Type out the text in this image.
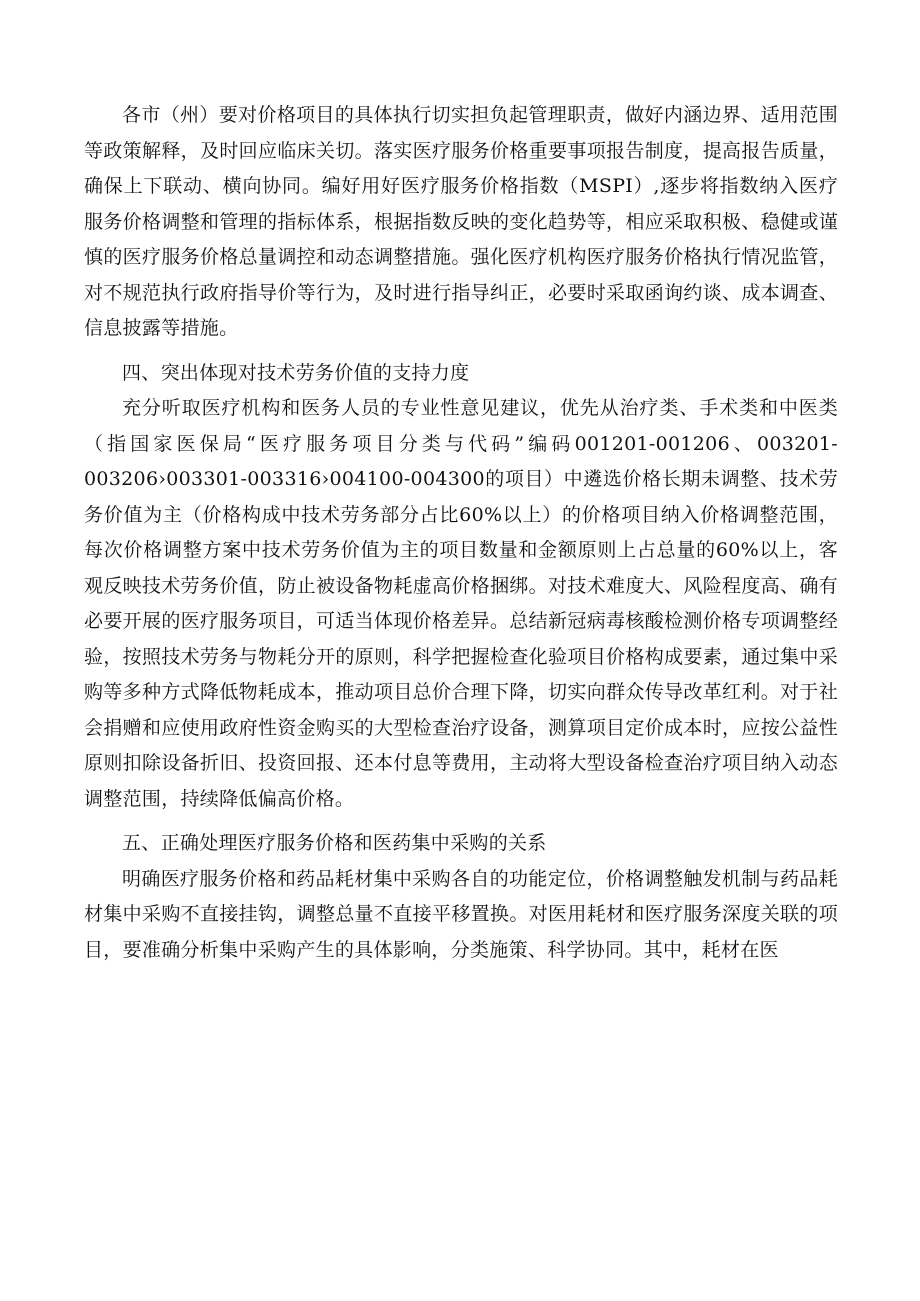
各市（州）要对价格项目的具体执行切实担负起管理职责，做好内涵边界、适用范围等政策解释，及时回应临床关切。落实医疗服务价格重要事项报告制度，提高报告质量，确保上下联动、横向协同。编好用好医疗服务价格指数（MSPI）,逐步将指数纳入医疗服务价格调整和管理的指标体系，根据指数反映的变化趋势等，相应采取积极、稳健或谨慎的医疗服务价格总量调控和动态调整措施。强化医疗机构医疗服务价格执行情况监管，对不规范执行政府指导价等行为，及时进行指导纠正，必要时采取函询约谈、成本调查、信息披露等措施。

四、突出体现对技术劳务价值的支持力度

充分听取医疗机构和医务人员的专业性意见建议，优先从治疗类、手术类和中医类（指国家医保局“医疗服务项目分类与代码”编码001201-001206、003201-003206›003301-003316›004100-004300的项目）中遴选价格长期未调整、技术劳务价值为主（价格构成中技术劳务部分占比60%以上）的价格项目纳入价格调整范围，每次价格调整方案中技术劳务价值为主的项目数量和金额原则上占总量的60%以上，客观反映技术劳务价值，防止被设备物耗虚高价格捆绑。对技术难度大、风险程度高、确有必要开展的医疗服务项目，可适当体现价格差异。总结新冠病毒核酸检测价格专项调整经验，按照技术劳务与物耗分开的原则，科学把握检查化验项目价格构成要素，通过集中采购等多种方式降低物耗成本，推动项目总价合理下降，切实向群众传导改革红利。对于社会捐赠和应使用政府性资金购买的大型检查治疗设备，测算项目定价成本时，应按公益性原则扣除设备折旧、投资回报、还本付息等费用，主动将大型设备检查治疗项目纳入动态调整范围，持续降低偏高价格。

五、正确处理医疗服务价格和医药集中采购的关系

明确医疗服务价格和药品耗材集中采购各自的功能定位，价格调整触发机制与药品耗材集中采购不直接挂钩，调整总量不直接平移置换。对医用耗材和医疗服务深度关联的项目，要准确分析集中采购产生的具体影响，分类施策、科学协同。其中，耗材在医
